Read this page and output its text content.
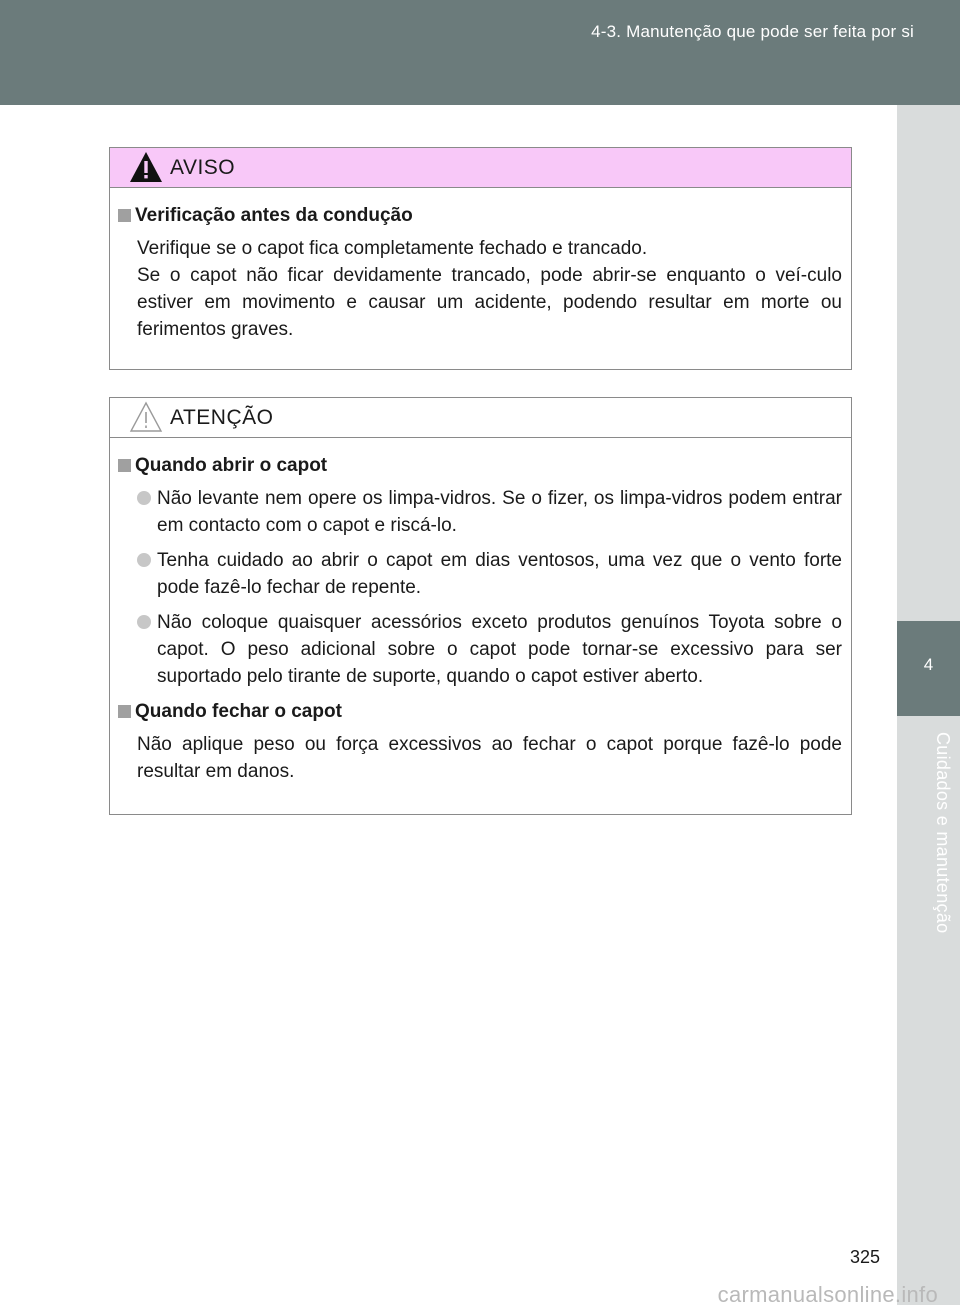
4-3. Manutenção que pode ser feita por si
4
Cuidados e manutenção
AVISO
Verificação antes da condução

Verifique se o capot fica completamente fechado e trancado.

Se o capot não ficar devidamente trancado, pode abrir-se enquanto o veí-culo estiver em movimento e causar um acidente, podendo resultar em morte ou ferimentos graves.

ATENÇÃO
Quando abrir o capot
Não levante nem opere os limpa-vidros. Se o fizer, os limpa-vidros podem entrar em contacto com o capot e riscá-lo.
Tenha cuidado ao abrir o capot em dias ventosos, uma vez que o vento forte pode fazê-lo fechar de repente.
Não coloque quaisquer acessórios exceto produtos genuínos Toyota sobre o capot. O peso adicional sobre o capot pode tornar-se excessivo para ser suportado pelo tirante de suporte, quando o capot estiver aberto.
Quando fechar o capot

Não aplique peso ou força excessivos ao fechar o capot porque fazê-lo pode resultar em danos.

325
carmanualsonline.info
